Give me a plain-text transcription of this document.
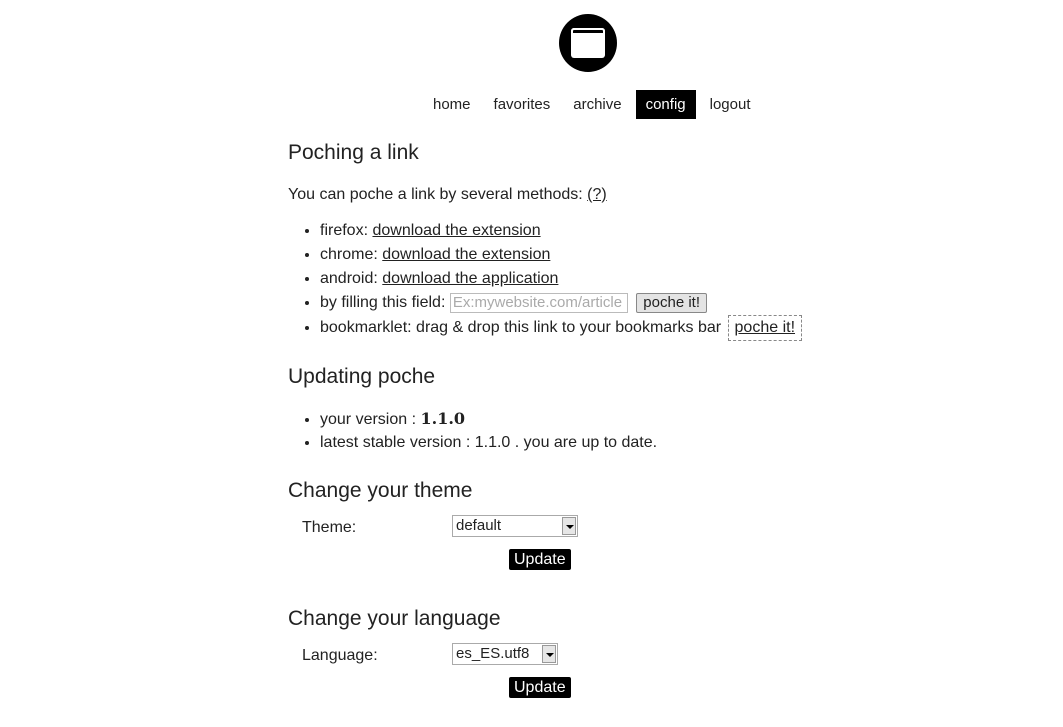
home	favorites	archive	config	logout
Poching a link

You can poche a link by several methods: (?)

• firefox: download the extension
• chrome: download the extension
• android: download the application
• by filling this field: Ex:mywebsite.com/article	poche it!
• bookmarklet: drag & drop this link to your bookmarks bar poche it!
Updating poche
• your version : 1.1.0
• latest stable version : 1.1.0 . you are up to date.
Change your theme
Theme:	default
Update
Change your language
Language:	es_ES.utf8
Update
